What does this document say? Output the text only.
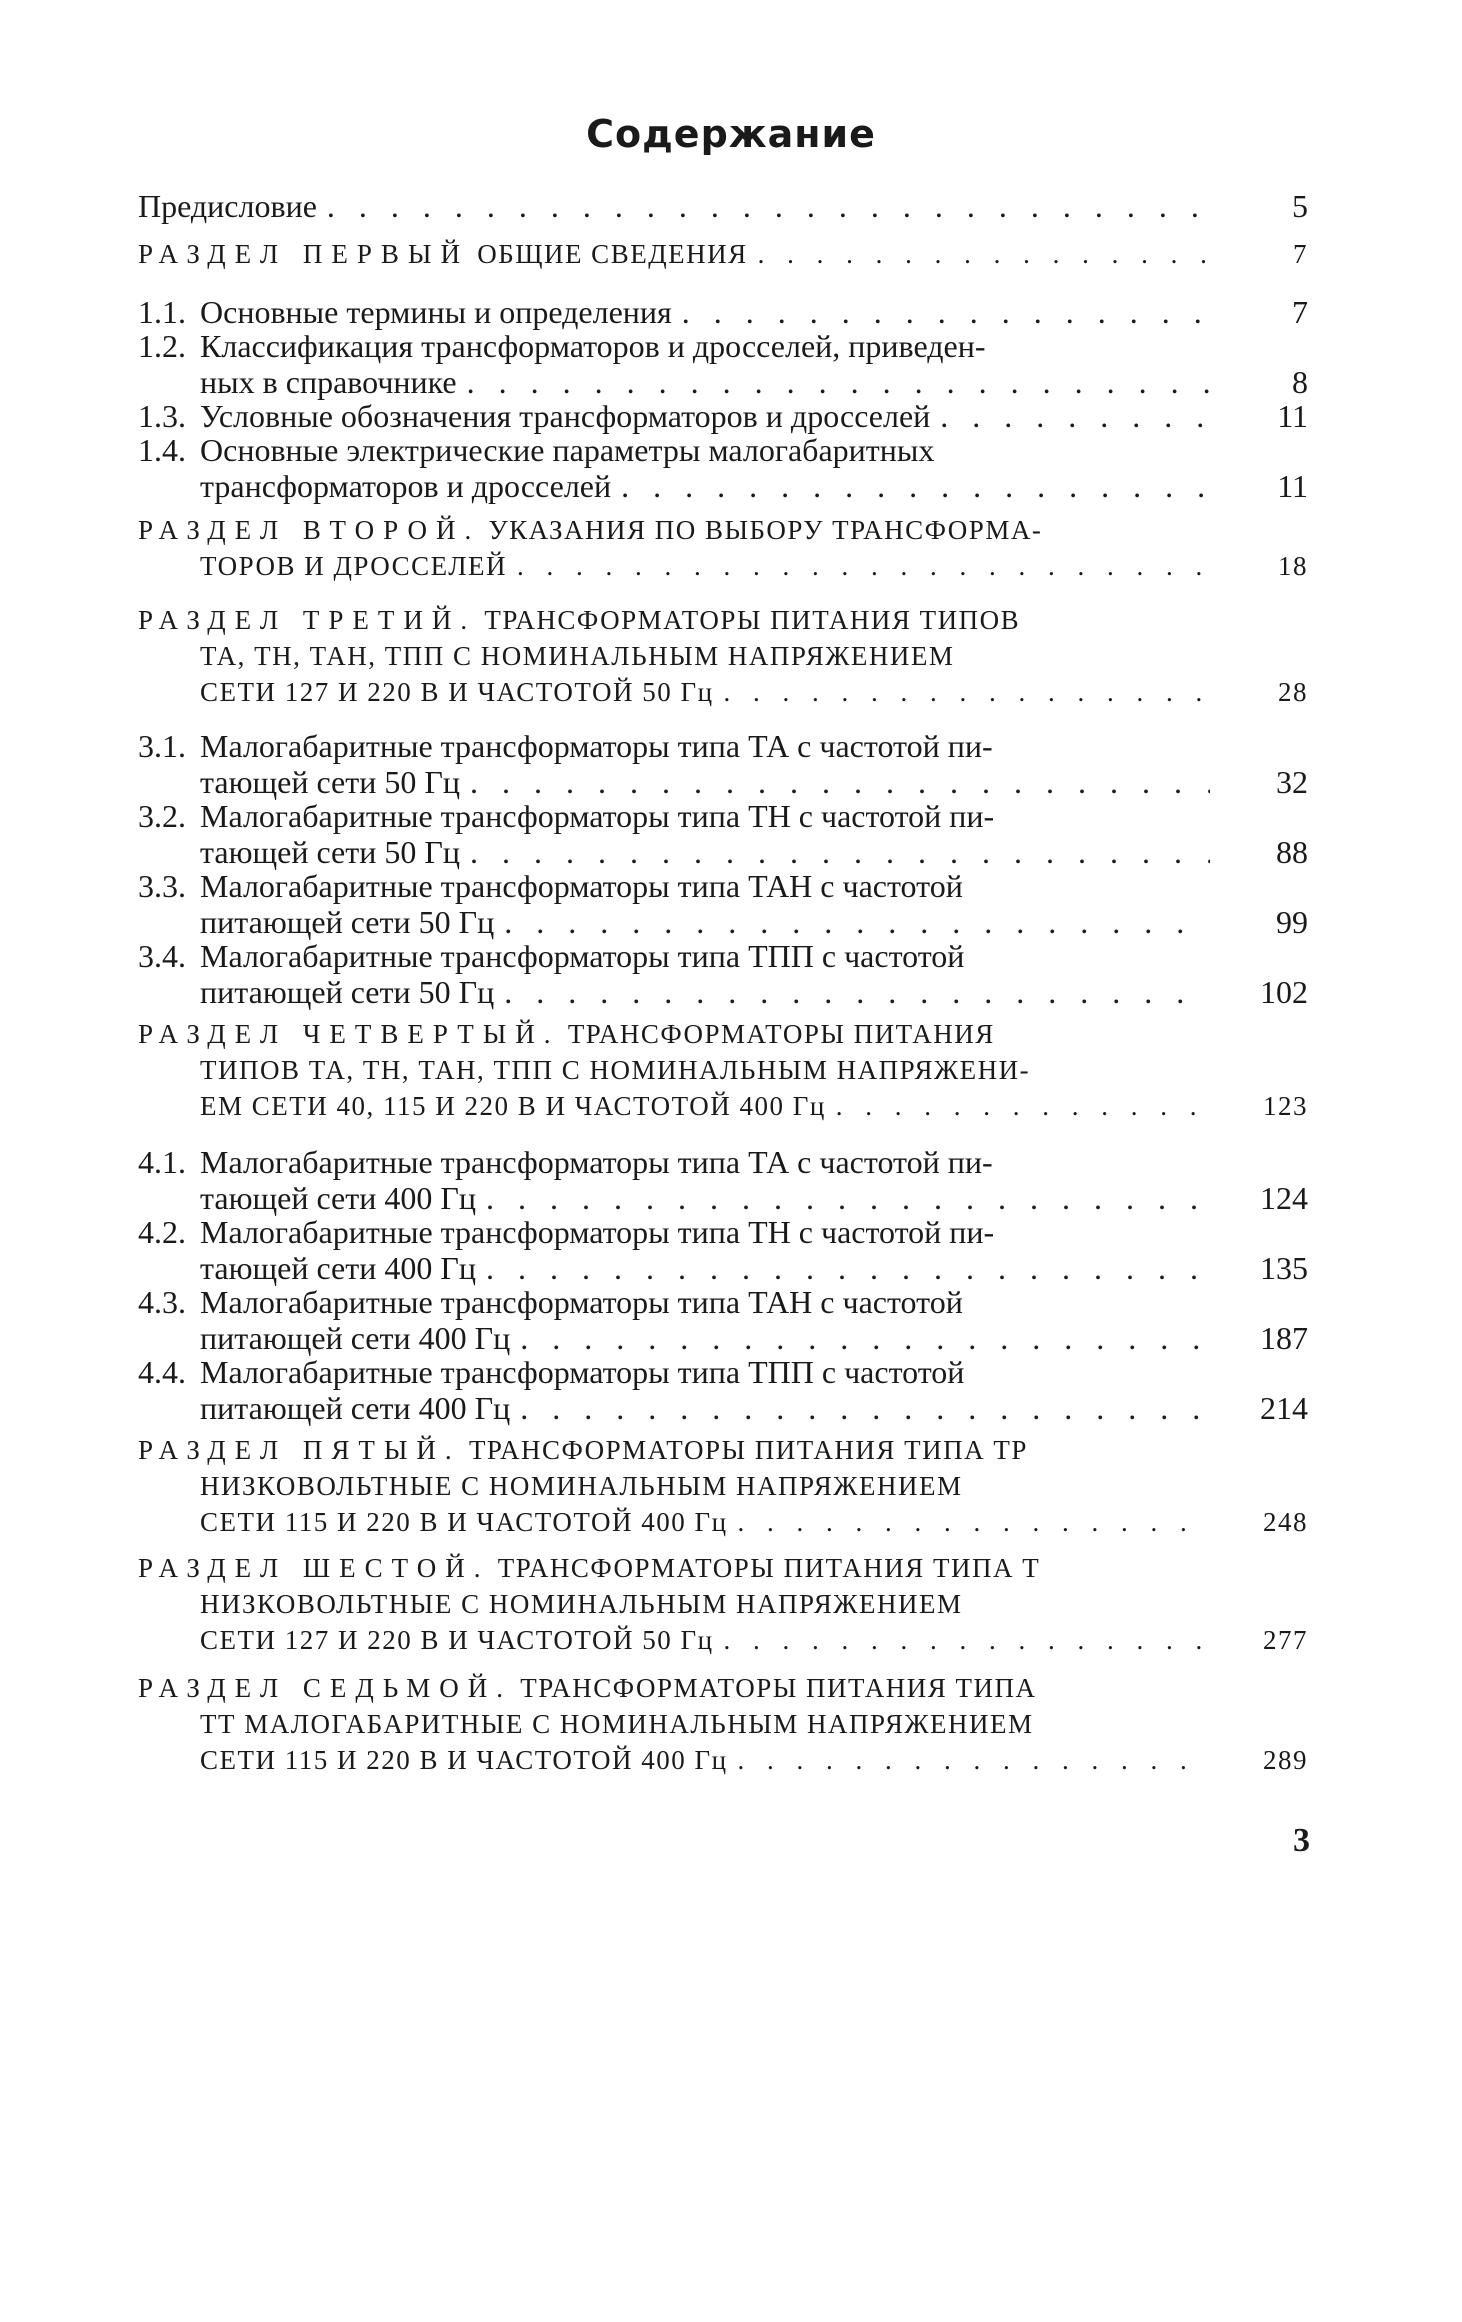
Содержание
Предисловие . . .	5
РАЗДЕЛ ПЕРВЫЙ ОБЩИЕ СВЕДЕНИЯ . . .	7
1.1. Основные термины и определения . . .	7
1.2. Классификация трансформаторов и дросселей, приведен-
ных в справочнике . . .	8
1.3. Условные обозначения трансформаторов и дросселей . . .	11
1.4. Основные электрические параметры малогабаритных
трансформаторов и дросселей . . .	11
РАЗДЕЛ ВТОРОЙ. УКАЗАНИЯ ПО ВЫБОРУ ТРАНСФОРМА-
ТОРОВ И ДРОССЕЛЕЙ . . .	18
РАЗДЕЛ ТРЕТИЙ. ТРАНСФОРМАТОРЫ ПИТАНИЯ ТИПОВ
ТА, ТН, ТАН, ТПП С НОМИНАЛЬНЫМ НАПРЯЖЕНИЕМ
СЕТИ 127 И 220 В И ЧАСТОТОЙ 50 Гц . . .	28
3.1. Малогабаритные трансформаторы типа ТА с частотой пи-
тающей сети 50 Гц . . .	32
3.2. Малогабаритные трансформаторы типа ТН с частотой пи-
тающей сети 50 Гц . . .	88
3.3. Малогабаритные трансформаторы типа ТАН с частотой
питающей сети 50 Гц . . .	99
3.4. Малогабаритные трансформаторы типа ТПП с частотой
питающей сети 50 Гц . . .	102
РАЗДЕЛ ЧЕТВЕРТЫЙ. ТРАНСФОРМАТОРЫ ПИТАНИЯ
ТИПОВ ТА, ТН, ТАН, ТПП С НОМИНАЛЬНЫМ НАПРЯЖЕНИ-
ЕМ СЕТИ 40, 115 И 220 В И ЧАСТОТОЙ 400 Гц . . .	123
4.1. Малогабаритные трансформаторы типа ТА с частотой пи-
тающей сети 400 Гц . . .	124
4.2. Малогабаритные трансформаторы типа ТН с частотой пи-
тающей сети 400 Гц . . .	135
4.3. Малогабаритные трансформаторы типа ТАН с частотой
питающей сети 400 Гц . . .	187
4.4. Малогабаритные трансформаторы типа ТПП с частотой
питающей сети 400 Гц . . .	214
РАЗДЕЛ ПЯТЫЙ. ТРАНСФОРМАТОРЫ ПИТАНИЯ ТИПА ТР
НИЗКОВОЛЬТНЫЕ С НОМИНАЛЬНЫМ НАПРЯЖЕНИЕМ
СЕТИ 115 И 220 В И ЧАСТОТОЙ 400 Гц . . .	248
РАЗДЕЛ ШЕСТОЙ. ТРАНСФОРМАТОРЫ ПИТАНИЯ ТИПА Т
НИЗКОВОЛЬТНЫЕ С НОМИНАЛЬНЫМ НАПРЯЖЕНИЕМ
СЕТИ 127 И 220 В И ЧАСТОТОЙ 50 Гц . . .	277
РАЗДЕЛ СЕДЬМОЙ. ТРАНСФОРМАТОРЫ ПИТАНИЯ ТИПА
ТТ МАЛОГАБАРИТНЫЕ С НОМИНАЛЬНЫМ НАПРЯЖЕНИЕМ
СЕТИ 115 И 220 В И ЧАСТОТОЙ 400 Гц . . .	289
3
